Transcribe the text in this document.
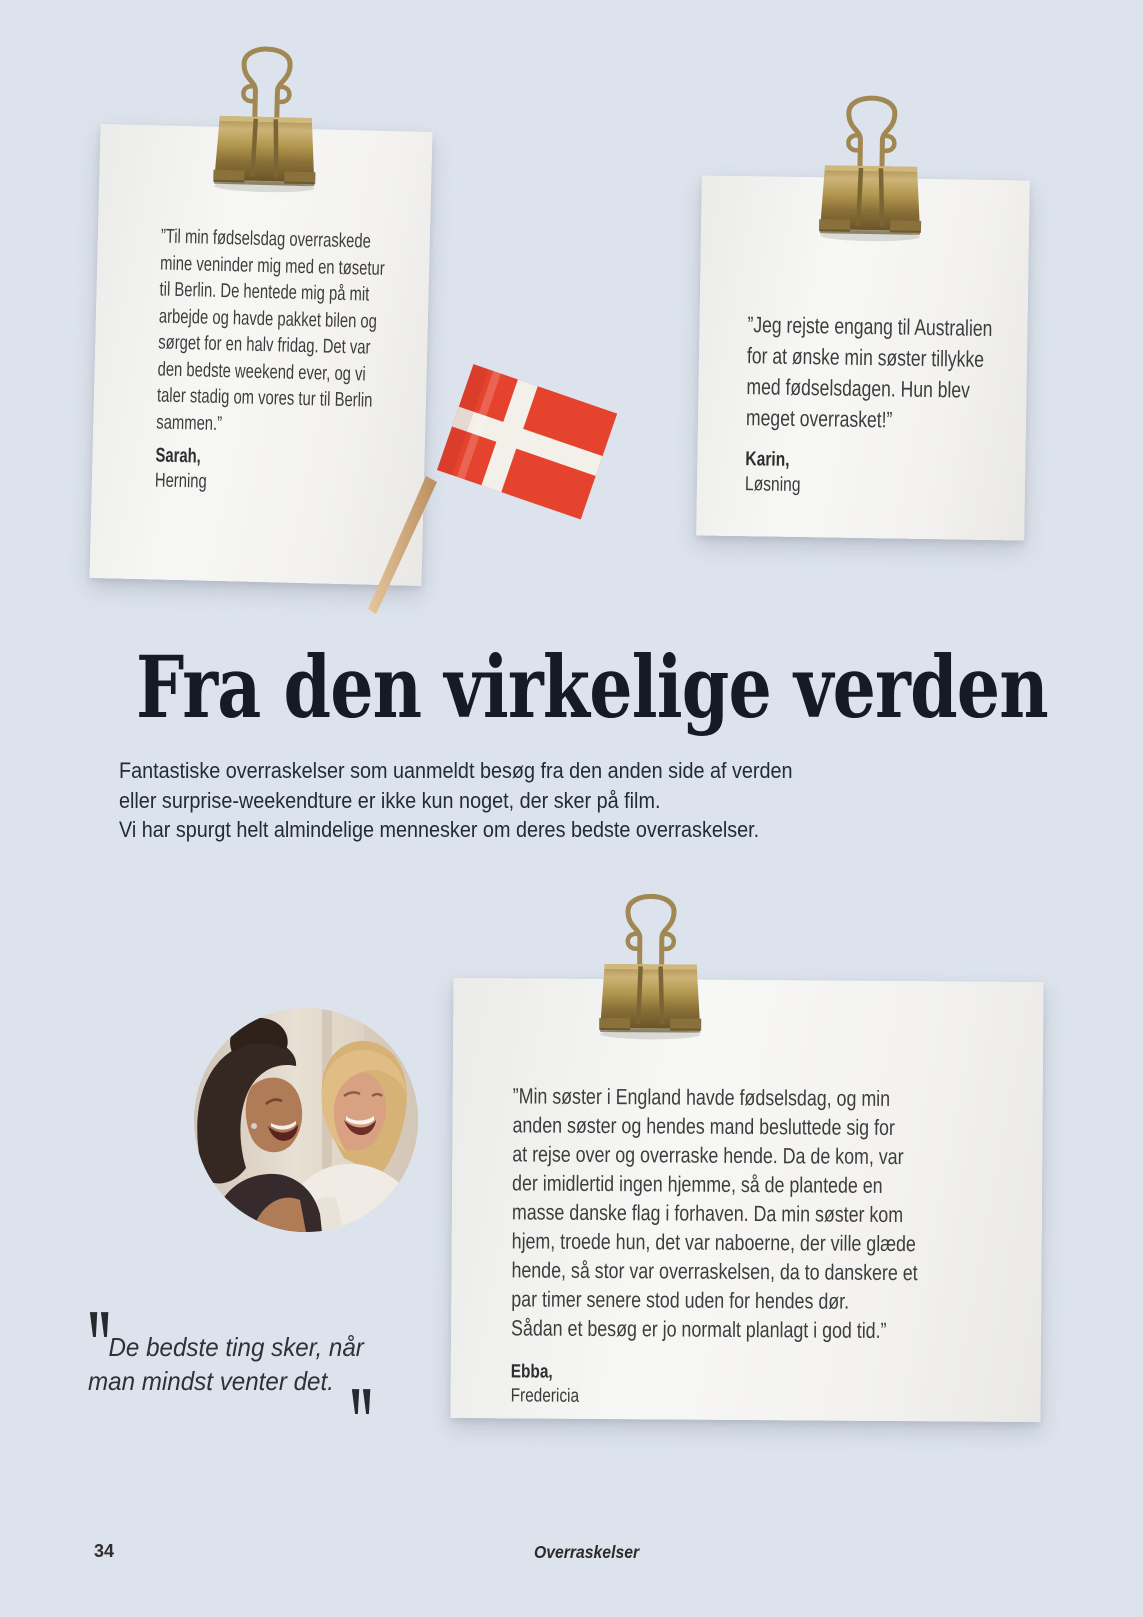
”Til min fødselsdag overraskede
mine veninder mig med en tøsetur
til Berlin. De hentede mig på mit
arbejde og havde pakket bilen og
sørget for en halv fridag. Det var
den bedste weekend ever, og vi
taler stadig om vores tur til Berlin
sammen.”
Sarah,
Herning
”Jeg rejste engang til Australien
for at ønske min søster tillykke
med fødselsdagen. Hun blev
meget overrasket!”
Karin,
Løsning
Fra den virkelige verden

Fantastiske overraskelser som uanmeldt besøg fra den anden side af verden
eller surprise-weekendture er ikke kun noget, der sker på film.
Vi har spurgt helt almindelige mennesker om deres bedste overraskelser.

De bedste ting sker, når
man mindst venter det.
”Min søster i England havde fødselsdag, og min
anden søster og hendes mand besluttede sig for
at rejse over og overraske hende. Da de kom, var
der imidlertid ingen hjemme, så de plantede en
masse danske flag i forhaven. Da min søster kom
hjem, troede hun, det var naboerne, der ville glæde
hende, så stor var overraskelsen, da to danskere et
par timer senere stod uden for hendes dør.
Sådan et besøg er jo normalt planlagt i god tid.”
Ebba,
Fredericia
34	Overraskelser
